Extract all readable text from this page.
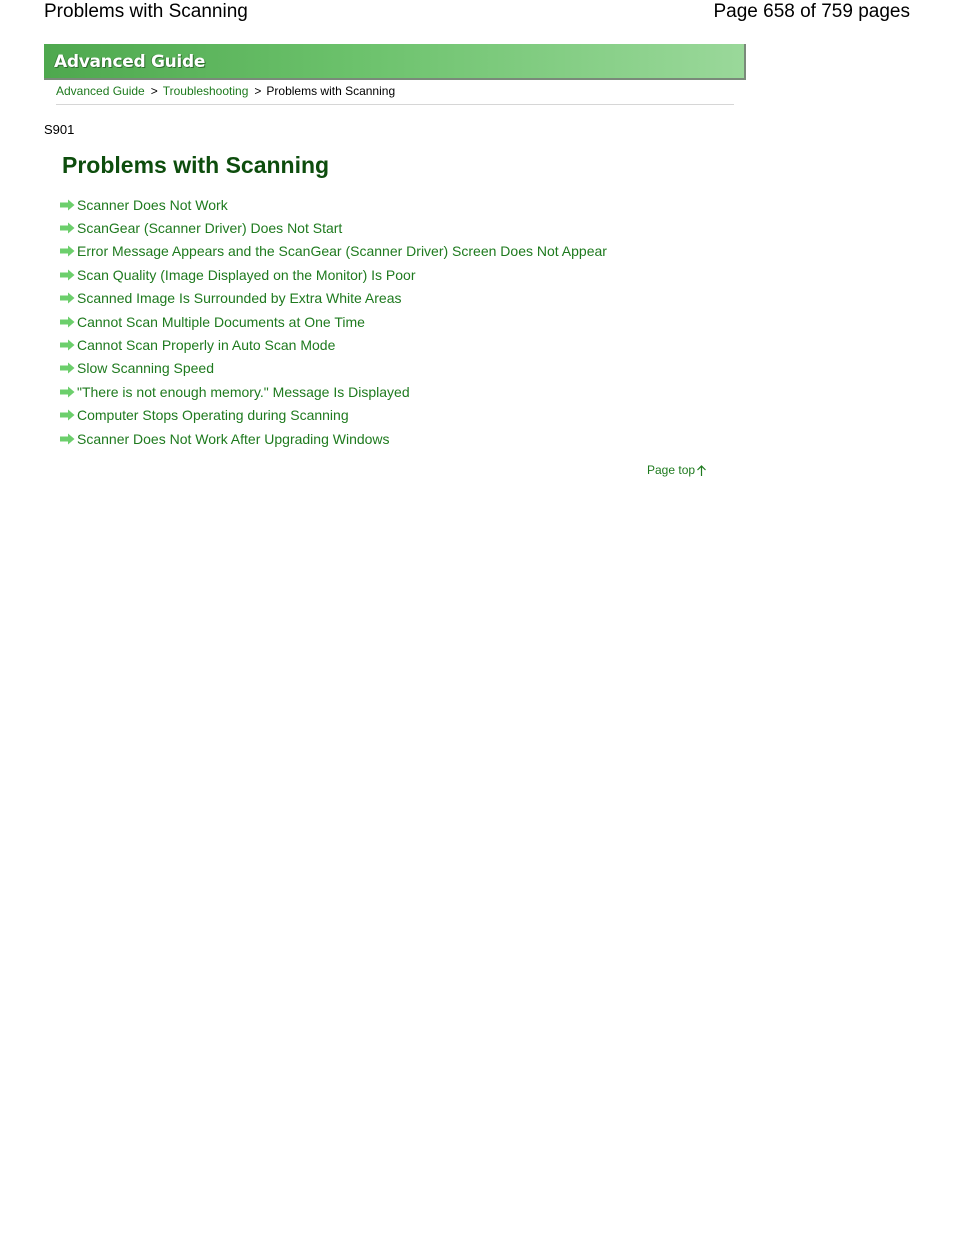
Problems with Scanning	Page 658 of 759 pages
Advanced Guide
Advanced Guide > Troubleshooting > Problems with Scanning
S901
Problems with Scanning
Scanner Does Not Work
ScanGear (Scanner Driver) Does Not Start
Error Message Appears and the ScanGear (Scanner Driver) Screen Does Not Appear
Scan Quality (Image Displayed on the Monitor) Is Poor
Scanned Image Is Surrounded by Extra White Areas
Cannot Scan Multiple Documents at One Time
Cannot Scan Properly in Auto Scan Mode
Slow Scanning Speed
"There is not enough memory." Message Is Displayed
Computer Stops Operating during Scanning
Scanner Does Not Work After Upgrading Windows
Page top
